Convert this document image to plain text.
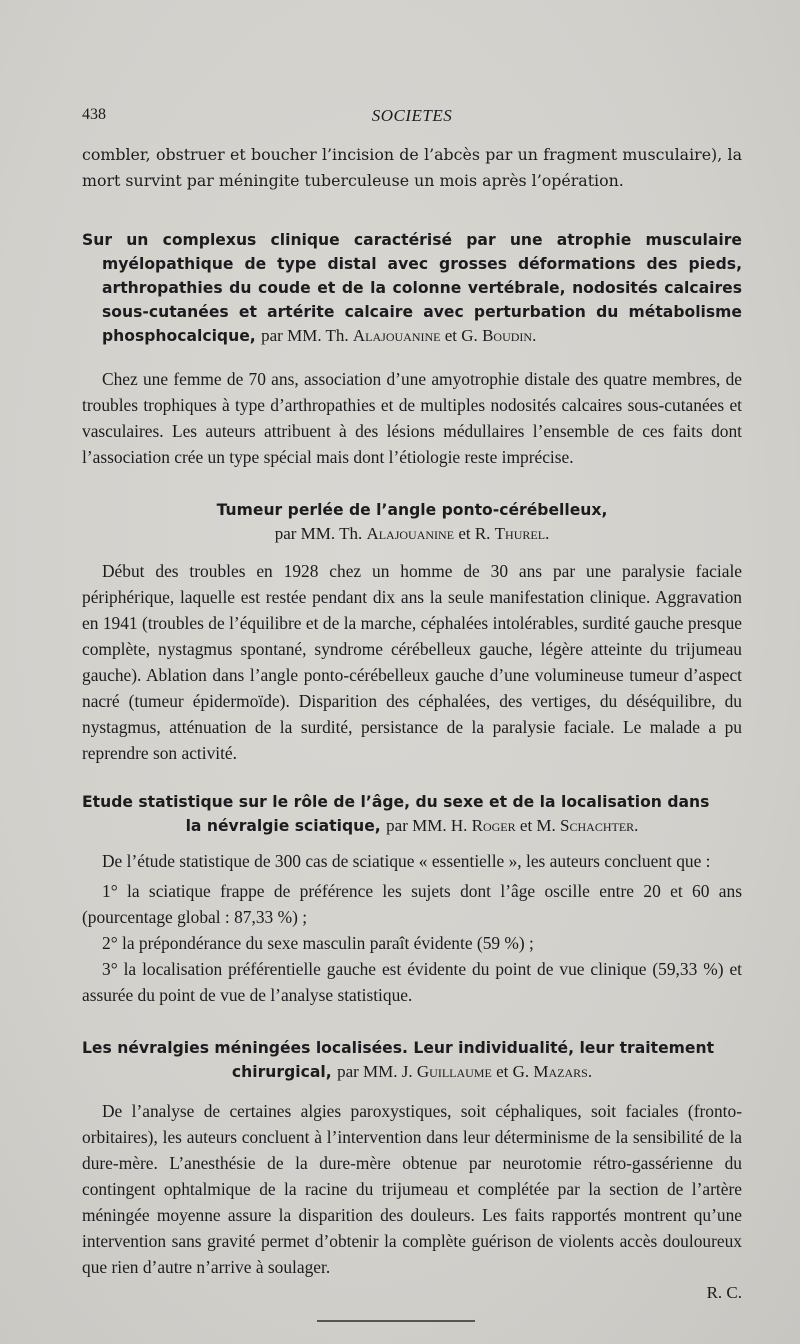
438	SOCIETES

combler, obstruer et boucher l’incision de l’abcès par un fragment musculaire), la mort survint par méningite tuberculeuse un mois après l’opération.

Sur un complexus clinique caractérisé par une atrophie musculaire myélopathique de type distal avec grosses déformations des pieds, arthropathies du coude et de la colonne vertébrale, nodosités calcaires sous-cutanées et artérite calcaire avec perturbation du métabolisme phosphocalcique, par MM. Th. Alajouanine et G. Boudin.

Chez une femme de 70 ans, association d’une amyotrophie distale des quatre membres, de troubles trophiques à type d’arthropathies et de multiples nodosités calcaires sous-cutanées et vasculaires. Les auteurs attribuent à des lésions médullaires l’ensemble de ces faits dont l’association crée un type spécial mais dont l’étiologie reste imprécise.

Tumeur perlée de l’angle ponto-cérébelleux,

par MM. Th. Alajouanine et R. Thurel.

Début des troubles en 1928 chez un homme de 30 ans par une paralysie faciale périphérique, laquelle est restée pendant dix ans la seule manifestation clinique. Aggravation en 1941 (troubles de l’équilibre et de la marche, céphalées intolérables, surdité gauche presque complète, nystagmus spontané, syndrome cérébelleux gauche, légère atteinte du trijumeau gauche). Ablation dans l’angle ponto-cérébelleux gauche d’une volumineuse tumeur d’aspect nacré (tumeur épidermoïde). Disparition des céphalées, des vertiges, du déséquilibre, du nystagmus, atténuation de la surdité, persistance de la paralysie faciale. Le malade a pu reprendre son activité.

Etude statistique sur le rôle de l’âge, du sexe et de la localisation dans

la névralgie sciatique, par MM. H. Roger et M. Schachter.

De l’étude statistique de 300 cas de sciatique « essentielle », les auteurs concluent que :

1° la sciatique frappe de préférence les sujets dont l’âge oscille entre 20 et 60 ans (pourcentage global : 87,33 %) ;

2° la prépondérance du sexe masculin paraît évidente (59 %) ;

3° la localisation préférentielle gauche est évidente du point de vue clinique (59,33 %) et assurée du point de vue de l’analyse statistique.

Les névralgies méningées localisées. Leur individualité, leur traitement

chirurgical, par MM. J. Guillaume et G. Mazars.

De l’analyse de certaines algies paroxystiques, soit céphaliques, soit faciales (fronto-orbitaires), les auteurs concluent à l’intervention dans leur déterminisme de la sensibilité de la dure-mère. L’anesthésie de la dure-mère obtenue par neurotomie rétro-gassérienne du contingent ophtalmique de la racine du trijumeau et complétée par la section de l’artère méningée moyenne assure la disparition des douleurs. Les faits rapportés montrent qu’une intervention sans gravité permet d’obtenir la complète guérison de violents accès douloureux que rien d’autre n’arrive à soulager.

R. C.
